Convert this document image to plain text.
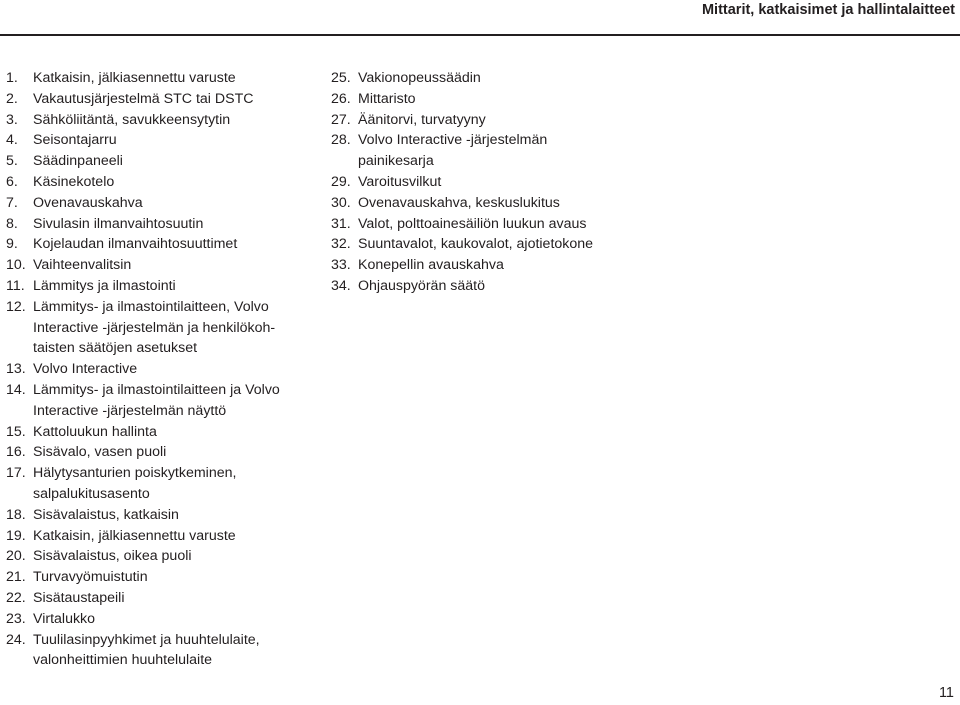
Mittarit, katkaisimet ja hallintalaitteet
1.	Katkaisin, jälkiasennettu varuste
2.	Vakautusjärjestelmä STC tai DSTC
3.	Sähköliitäntä, savukkeensytytin
4.	Seisontajarru
5.	Säädinpaneeli
6.	Käsinekotelo
7.	Ovenavauskahva
8.	Sivulasin ilmanvaihtosuutin
9.	Kojelaudan ilmanvaihtosuuttimet
10. Vaihteenvalitsin
11. Lämmitys ja ilmastointi
12. Lämmitys- ja ilmastointilaitteen, Volvo
Interactive -järjestelmän ja henkilökoh-
taisten säätöjen asetukset
13. Volvo Interactive
14. Lämmitys- ja ilmastointilaitteen ja Volvo
Interactive -järjestelmän näyttö
15. Kattoluukun hallinta
16. Sisävalo, vasen puoli
17. Hälytysanturien poiskytkeminen,
salpalukitusasento
18. Sisävalaistus, katkaisin
19. Katkaisin, jälkiasennettu varuste
20. Sisävalaistus, oikea puoli
21. Turvavyömuistutin
22. Sisätaustapeili
23. Virtalukko
24. Tuulilasinpyyhkimet ja huuhtelulaite,
valonheittimien huuhtelulaite
25. Vakionopeussäädin
26. Mittaristo
27. Äänitorvi, turvatyyny
28. Volvo Interactive -järjestelmän
painikesarja
29. Varoitusvilkut
30. Ovenavauskahva, keskuslukitus
31. Valot, polttoainesäiliön luukun avaus
32. Suuntavalot, kaukovalot, ajotietokone
33. Konepellin avauskahva
34. Ohjauspyörän säätö
11
